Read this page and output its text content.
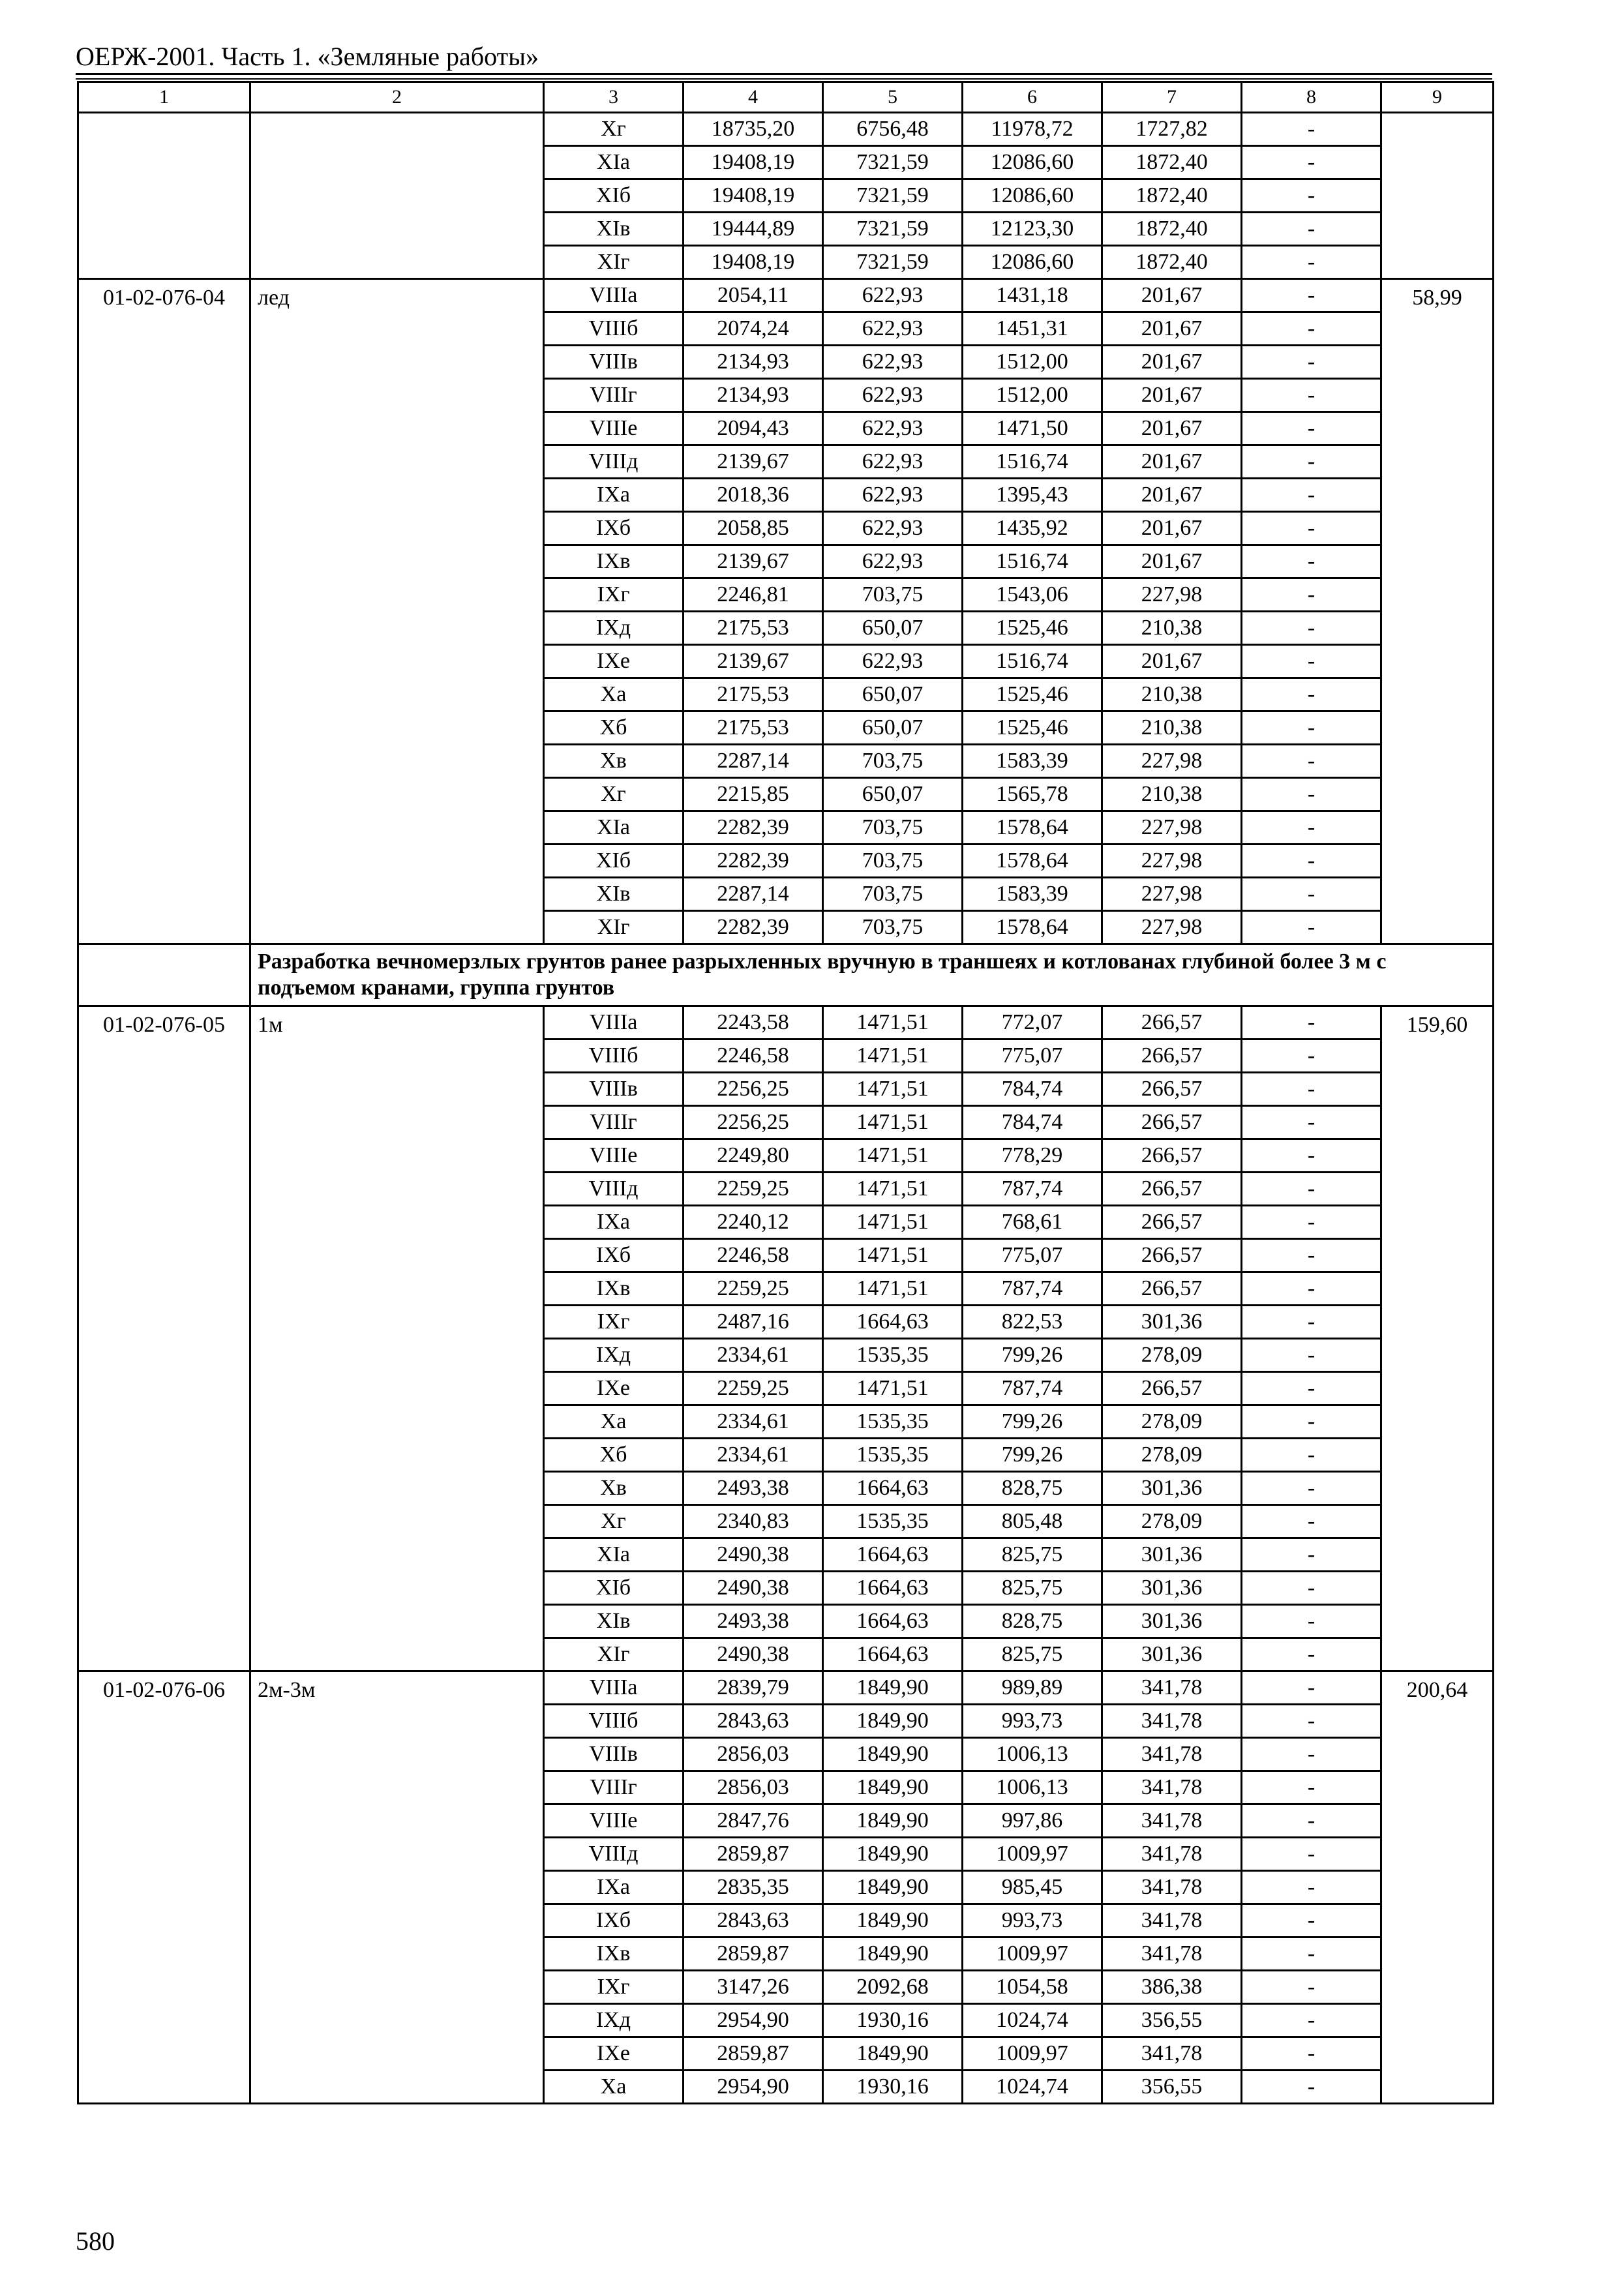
ОЕРЖ-2001. Часть 1. «Земляные работы»
1	2	3	4	5	6	7	8	9
		Xг	18735,20	6756,48	11978,72	1727,82	-	
		XIa	19408,19	7321,59	12086,60	1872,40	-	
		XIб	19408,19	7321,59	12086,60	1872,40	-	
		XIв	19444,89	7321,59	12123,30	1872,40	-	
		XIг	19408,19	7321,59	12086,60	1872,40	-	
01-02-076-04	лед	VIIIa	2054,11	622,93	1431,18	201,67	-	58,99
		VIIIб	2074,24	622,93	1451,31	201,67	-	
		VIIIв	2134,93	622,93	1512,00	201,67	-	
		VIIIг	2134,93	622,93	1512,00	201,67	-	
		VIIIe	2094,43	622,93	1471,50	201,67	-	
		VIIIд	2139,67	622,93	1516,74	201,67	-	
		IXa	2018,36	622,93	1395,43	201,67	-	
		IXб	2058,85	622,93	1435,92	201,67	-	
		IXв	2139,67	622,93	1516,74	201,67	-	
		IXг	2246,81	703,75	1543,06	227,98	-	
		IXд	2175,53	650,07	1525,46	210,38	-	
		IXe	2139,67	622,93	1516,74	201,67	-	
		Xa	2175,53	650,07	1525,46	210,38	-	
		Xб	2175,53	650,07	1525,46	210,38	-	
		Xв	2287,14	703,75	1583,39	227,98	-	
		Xг	2215,85	650,07	1565,78	210,38	-	
		XIa	2282,39	703,75	1578,64	227,98	-	
		XIб	2282,39	703,75	1578,64	227,98	-	
		XIв	2287,14	703,75	1583,39	227,98	-	
		XIг	2282,39	703,75	1578,64	227,98	-	
	Разработка вечномерзлых грунтов ранее разрыхленных вручную в траншеях и котлованах глубиной более 3 м с подъемом кранами, группа грунтов							
01-02-076-05	1м	VIIIa	2243,58	1471,51	772,07	266,57	-	159,60
		VIIIб	2246,58	1471,51	775,07	266,57	-	
		VIIIв	2256,25	1471,51	784,74	266,57	-	
		VIIIг	2256,25	1471,51	784,74	266,57	-	
		VIIIe	2249,80	1471,51	778,29	266,57	-	
		VIIIд	2259,25	1471,51	787,74	266,57	-	
		IXa	2240,12	1471,51	768,61	266,57	-	
		IXб	2246,58	1471,51	775,07	266,57	-	
		IXв	2259,25	1471,51	787,74	266,57	-	
		IXг	2487,16	1664,63	822,53	301,36	-	
		IXд	2334,61	1535,35	799,26	278,09	-	
		IXe	2259,25	1471,51	787,74	266,57	-	
		Xa	2334,61	1535,35	799,26	278,09	-	
		Xб	2334,61	1535,35	799,26	278,09	-	
		Xв	2493,38	1664,63	828,75	301,36	-	
		Xг	2340,83	1535,35	805,48	278,09	-	
		XIa	2490,38	1664,63	825,75	301,36	-	
		XIб	2490,38	1664,63	825,75	301,36	-	
		XIв	2493,38	1664,63	828,75	301,36	-	
		XIг	2490,38	1664,63	825,75	301,36	-	
01-02-076-06	2м-3м	VIIIa	2839,79	1849,90	989,89	341,78	-	200,64
		VIIIб	2843,63	1849,90	993,73	341,78	-	
		VIIIв	2856,03	1849,90	1006,13	341,78	-	
		VIIIг	2856,03	1849,90	1006,13	341,78	-	
		VIIIe	2847,76	1849,90	997,86	341,78	-	
		VIIIд	2859,87	1849,90	1009,97	341,78	-	
		IXa	2835,35	1849,90	985,45	341,78	-	
		IXб	2843,63	1849,90	993,73	341,78	-	
		IXв	2859,87	1849,90	1009,97	341,78	-	
		IXг	3147,26	2092,68	1054,58	386,38	-	
		IXд	2954,90	1930,16	1024,74	356,55	-	
		IXe	2859,87	1849,90	1009,97	341,78	-	
		Xa	2954,90	1930,16	1024,74	356,55	-	
580
